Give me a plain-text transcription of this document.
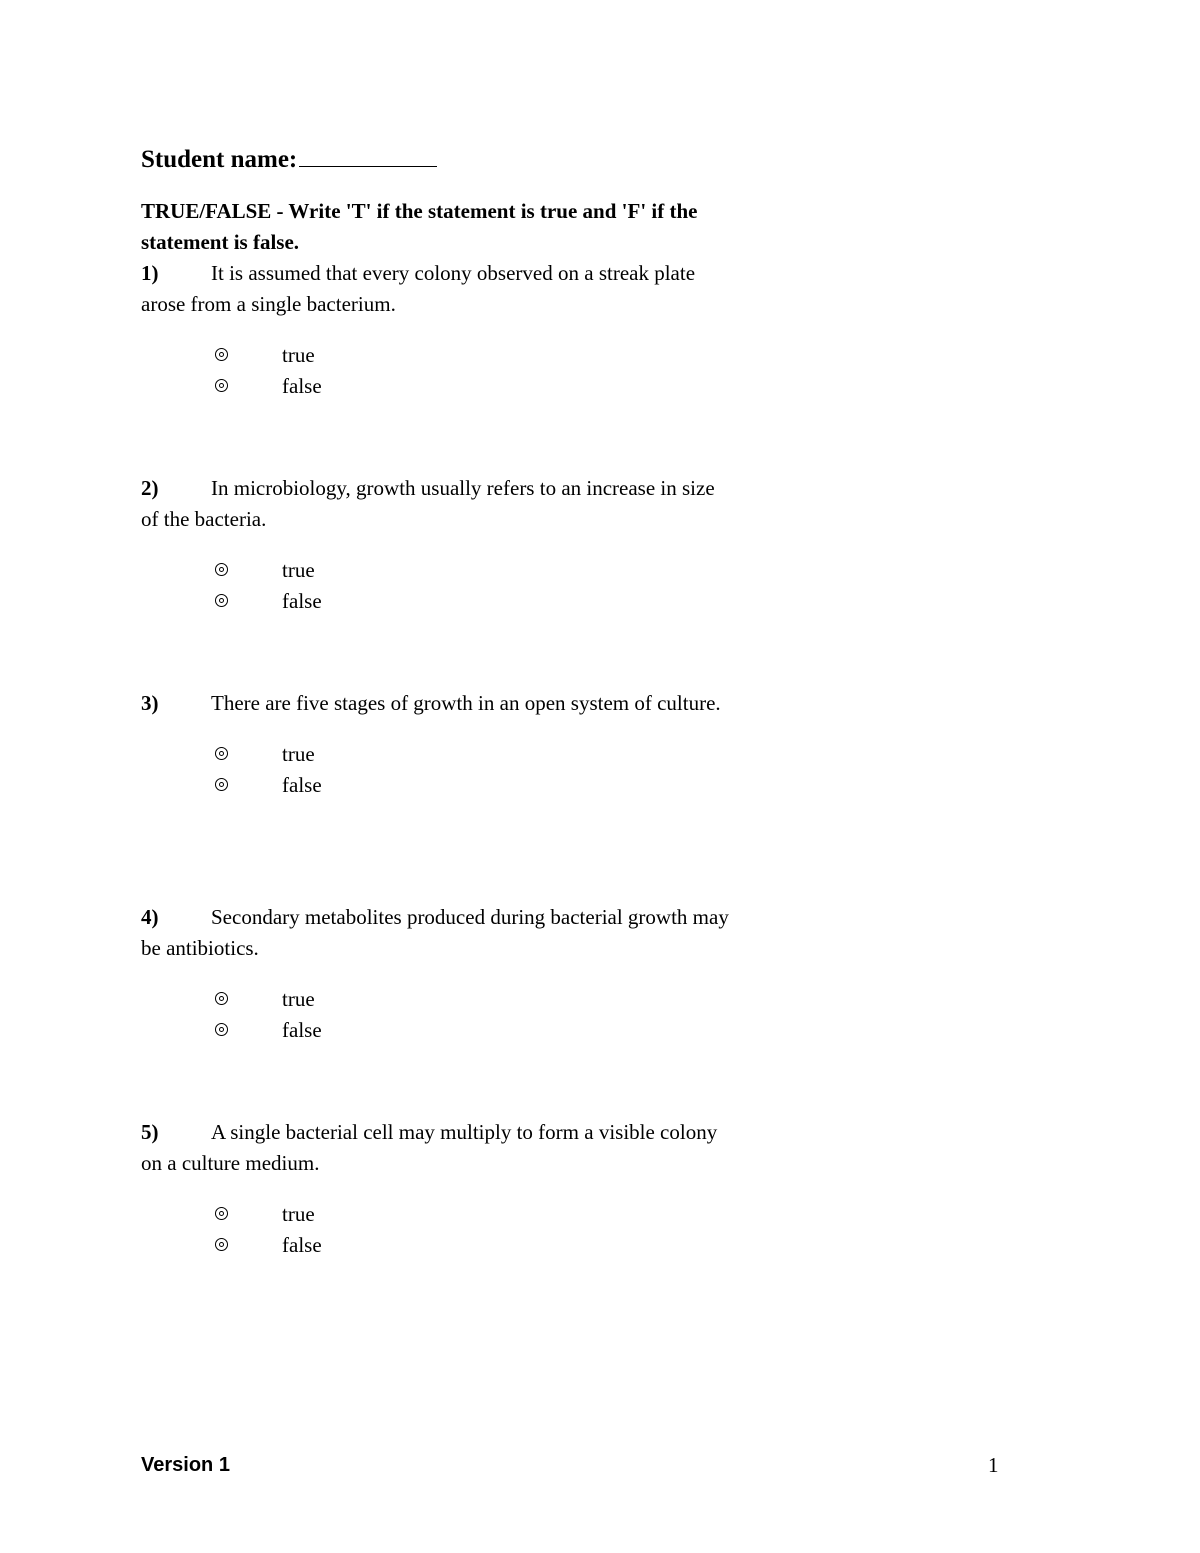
Student name:
TRUE/FALSE - Write 'T' if the statement is true and 'F' if the statement is false.
1)	It is assumed that every colony observed on a streak plate arose from a single bacterium.
true
false
2)	In microbiology, growth usually refers to an increase in size of the bacteria.
true
false
3)	There are five stages of growth in an open system of culture.
true
false
4)	Secondary metabolites produced during bacterial growth may be antibiotics.
true
false
5)	A single bacterial cell may multiply to form a visible colony on a culture medium.
true
false
Version 1	1
